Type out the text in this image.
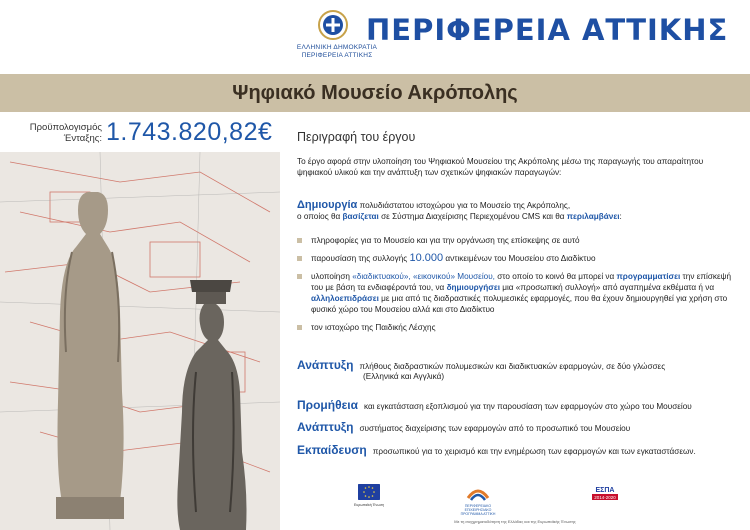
ΕΛΛΗΝΙΚΗ ΔΗΜΟΚΡΑΤΙΑ
ΠΕΡΙΦΕΡΕΙΑ ΑΤΤΙΚΗΣ
ΠΕΡΙΦΕΡΕΙΑ ΑΤΤΙΚΗΣ
Ψηφιακό Μουσείο Ακρόπολης
Προϋπολογισμός Ένταξης: 1.743.820,82€ Περιγραφή του έργου
Το έργο αφορά στην υλοποίηση του Ψηφιακού Μουσείου της Ακρόπολης μέσω της παραγωγής του απαραίτητου ψηφιακού υλικού και την ανάπτυξη των σχετικών ψηφιακών παραγωγών:
Δημιουργία πολυδιάστατου ιστοχώρου για το Μουσείο της Ακρόπολης,
ο οποίος θα βασίζεται σε Σύστημα Διαχείρισης Περιεχομένου CMS και θα περιλαμβάνει:
πληροφορίες για το Μουσείο και για την οργάνωση της επίσκεψης σε αυτό
παρουσίαση της συλλογής 10.000 αντικειμένων του Μουσείου στο Διαδίκτυο
υλοποίηση «διαδικτυακού», «εικονικού» Μουσείου, στο οποίο το κοινό θα μπορεί να προγραμματίσει την επίσκεψή του με βάση τα ενδιαφέροντά του, να δημιουργήσει μια «προσωπική συλλογή» από αγαπημένα εκθέματα ή να αλληλοεπιδράσει με μια από τις διαδραστικές πολυμεσικές εφαρμογές, που θα έχουν δημιουργηθεί για χρήση στο φυσικό χώρο του Μουσείου αλλά και στο Διαδίκτυο
τον ιστοχώρο της Παιδικής Λέσχης
Ανάπτυξη πλήθους διαδραστικών πολυμεσικών και διαδικτυακών εφαρμογών, σε δύο γλώσσες
(Ελληνικά και Αγγλικά)
Προμήθεια και εγκατάσταση εξοπλισμού για την παρουσίαση των εφαρμογών στο χώρο του Μουσείου
Ανάπτυξη συστήματος διαχείρισης των εφαρμογών από το προσωπικό του Μουσείου
Εκπαίδευση προσωπικού για το χειρισμό και την ενημέρωση των εφαρμογών και των εγκαταστάσεων.
Ευρωπαϊκή Ένωση	ΠΕΡΙΦΕΡΕΙΑΚΟ ΕΠΙΧΕΙΡΗΣΙΑΚΟ ΠΡΟΓΡΑΜΜΑ ΑΤΤΙΚΗ
ΕΣΠΑ
2014-2020
Με τη συγχρηματοδότηση της Ελλάδας και της Ευρωπαϊκής Ένωσης
